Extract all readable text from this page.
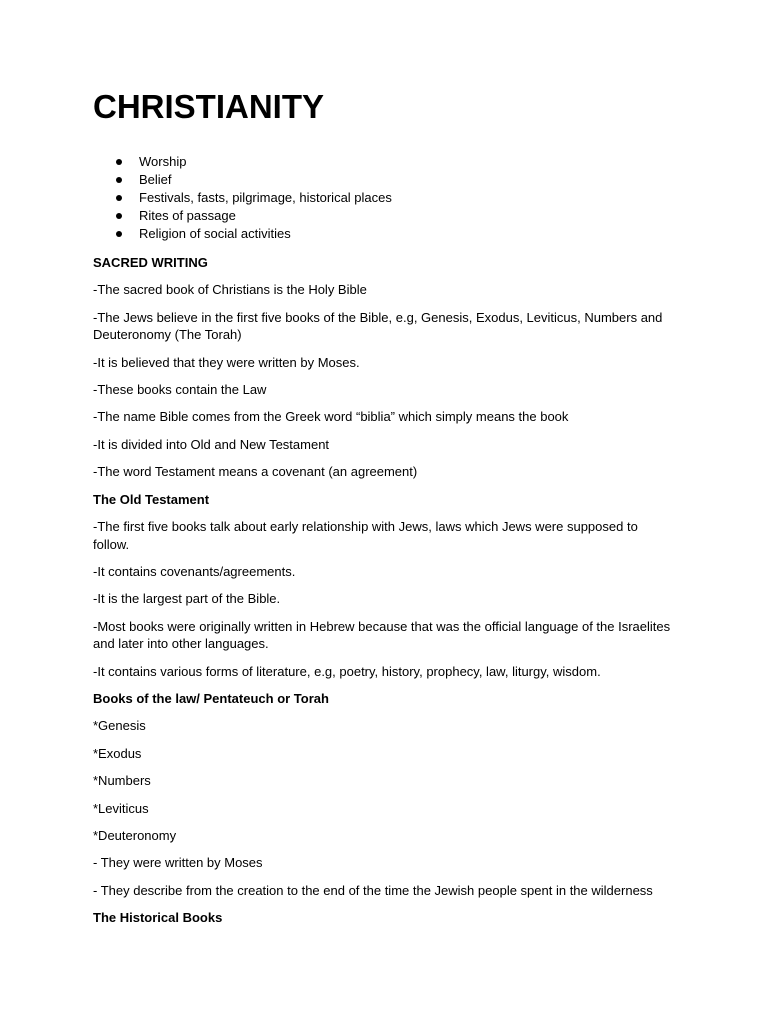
CHRISTIANITY
Worship
Belief
Festivals, fasts, pilgrimage, historical places
Rites of passage
Religion of social activities

SACRED WRITING

-The sacred book of Christians is the Holy Bible

-The Jews believe in the first five books of the Bible, e.g, Genesis, Exodus, Leviticus, Numbers and Deuteronomy (The Torah)

-It is believed that they were written by Moses.

-These books contain the Law

-The name Bible comes from the Greek word “biblia” which simply means the book

-It is divided into Old and New Testament

-The word Testament means a covenant (an agreement)

The Old Testament

-The first five books talk about early relationship with Jews, laws which Jews were supposed to follow.

-It contains covenants/agreements.

-It is the largest part of the Bible.

-Most books were originally written in Hebrew because that was the official language of the Israelites and later into other languages.

-It contains various forms of literature, e.g, poetry, history, prophecy, law, liturgy, wisdom.

Books of the law/ Pentateuch or Torah

*Genesis

*Exodus

*Numbers

*Leviticus

*Deuteronomy

- They were written by Moses

- They describe from the creation to the end of the time the Jewish people spent in the wilderness

The Historical Books
